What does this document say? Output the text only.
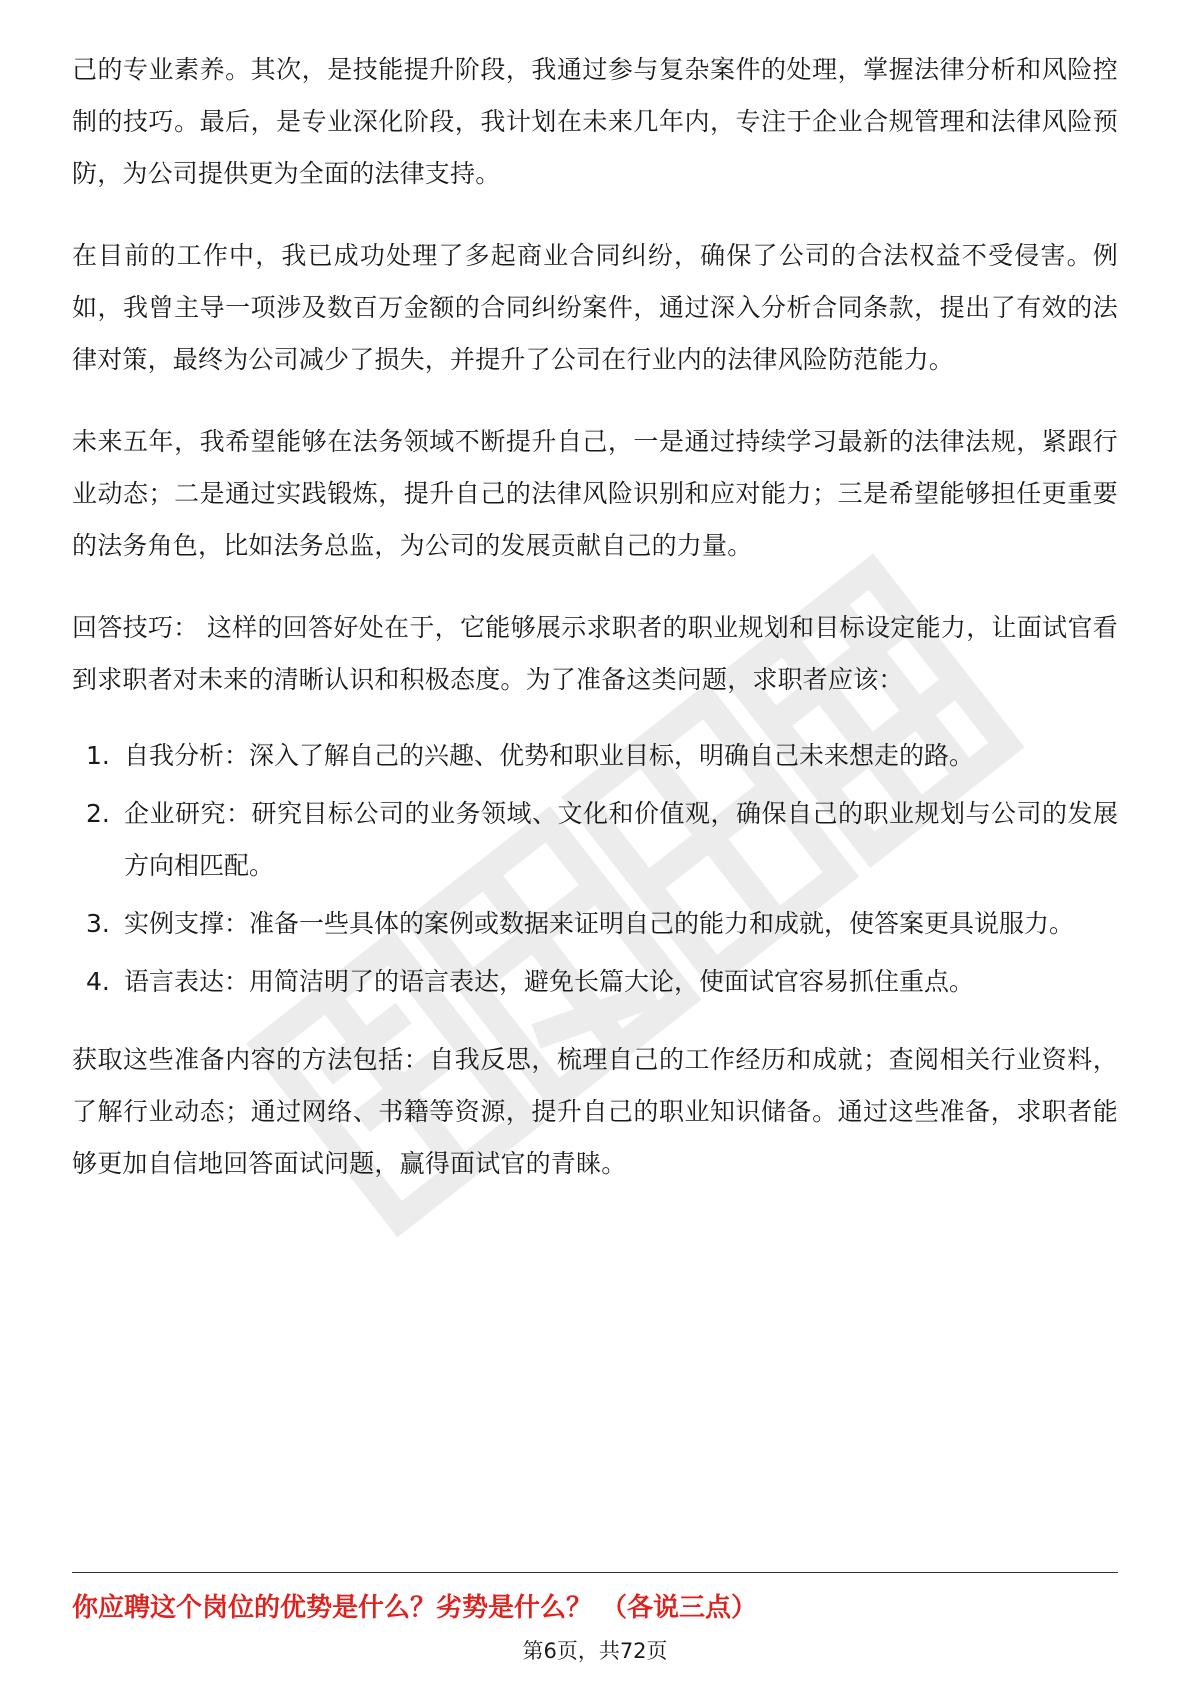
己的专业素养。其次，是技能提升阶段，我通过参与复杂案件的处理，掌握法律分析和风险控制的技巧。最后，是专业深化阶段，我计划在未来几年内，专注于企业合规管理和法律风险预防，为公司提供更为全面的法律支持。

在目前的工作中，我已成功处理了多起商业合同纠纷，确保了公司的合法权益不受侵害。例如，我曾主导一项涉及数百万金额的合同纠纷案件，通过深入分析合同条款，提出了有效的法律对策，最终为公司减少了损失，并提升了公司在行业内的法律风险防范能力。

未来五年，我希望能够在法务领域不断提升自己，一是通过持续学习最新的法律法规，紧跟行业动态；二是通过实践锻炼，提升自己的法律风险识别和应对能力；三是希望能够担任更重要的法务角色，比如法务总监，为公司的发展贡献自己的力量。

回答技巧： 这样的回答好处在于，它能够展示求职者的职业规划和目标设定能力，让面试官看到求职者对未来的清晰认识和积极态度。为了准备这类问题，求职者应该：

1. 自我分析：深入了解自己的兴趣、优势和职业目标，明确自己未来想走的路。
2. 企业研究：研究目标公司的业务领域、文化和价值观，确保自己的职业规划与公司的发展方向相匹配。
3. 实例支撑：准备一些具体的案例或数据来证明自己的能力和成就，使答案更具说服力。
4. 语言表达：用简洁明了的语言表达，避免长篇大论，使面试官容易抓住重点。

获取这些准备内容的方法包括：自我反思，梳理自己的工作经历和成就；查阅相关行业资料，了解行业动态；通过网络、书籍等资源，提升自己的职业知识储备。通过这些准备，求职者能够更加自信地回答面试问题，赢得面试官的青睐。

你应聘这个岗位的优势是什么？劣势是什么？ （各说三点）
第6页，共72页
